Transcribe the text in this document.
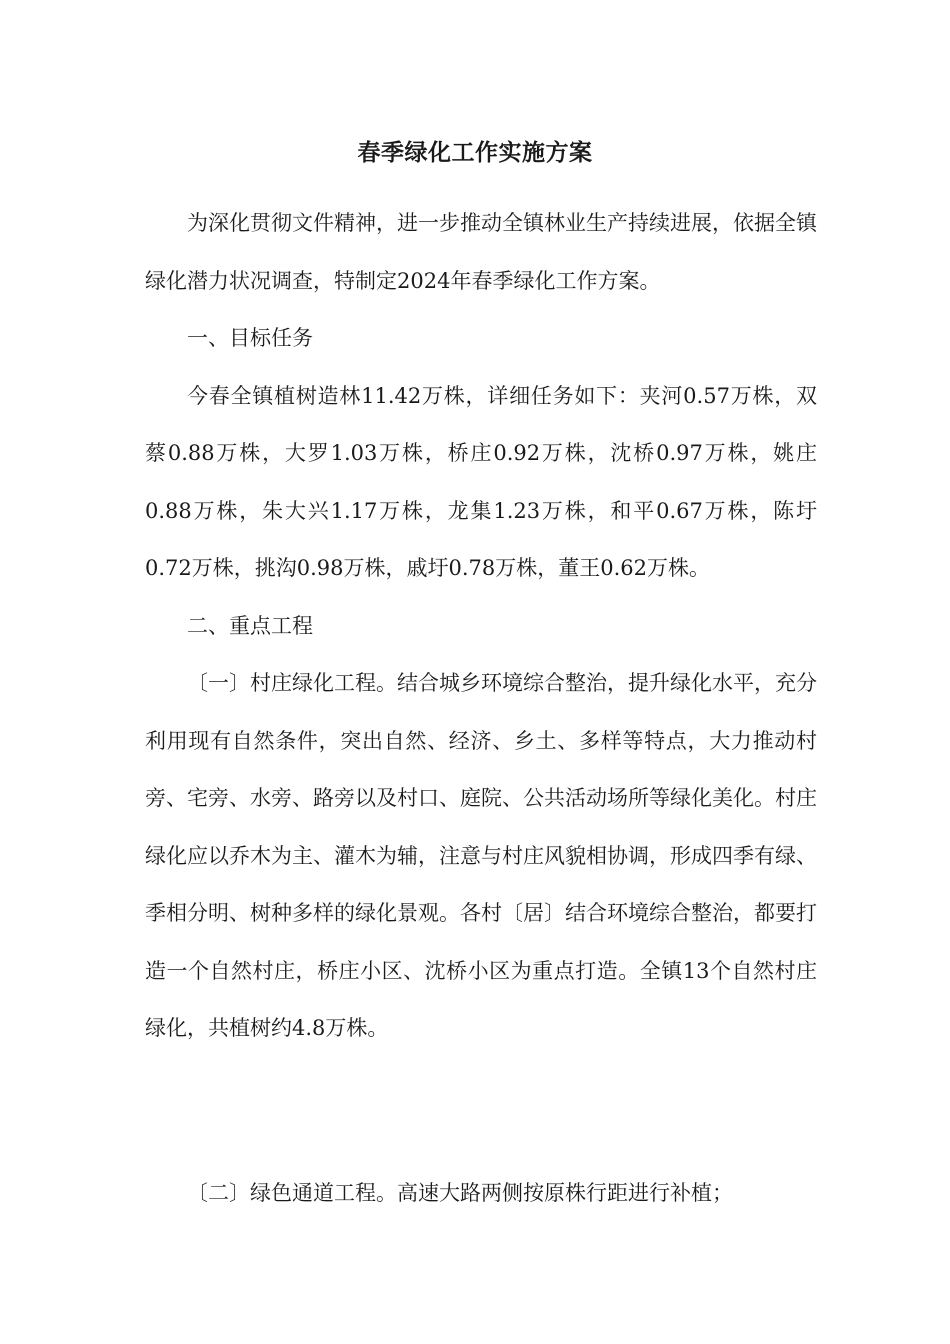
春季绿化工作实施方案

为深化贯彻文件精神，进一步推动全镇林业生产持续进展，依据全镇绿化潜力状况调查，特制定2024年春季绿化工作方案。

一、目标任务

今春全镇植树造林11.42万株，详细任务如下：夹河0.57万株，双蔡0.88万株，大罗1.03万株，桥庄0.92万株，沈桥0.97万株，姚庄0.88万株，朱大兴1.17万株，龙集1.23万株，和平0.67万株，陈圩0.72万株，挑沟0.98万株，戚圩0.78万株，董王0.62万株。

二、重点工程

〔一〕村庄绿化工程。结合城乡环境综合整治，提升绿化水平，充分利用现有自然条件，突出自然、经济、乡土、多样等特点，大力推动村旁、宅旁、水旁、路旁以及村口、庭院、公共活动场所等绿化美化。村庄绿化应以乔木为主、灌木为辅，注意与村庄风貌相协调，形成四季有绿、季相分明、树种多样的绿化景观。各村〔居〕结合环境综合整治，都要打造一个自然村庄，桥庄小区、沈桥小区为重点打造。全镇13个自然村庄绿化，共植树约4.8万株。

〔二〕绿色通道工程。高速大路两侧按原株行距进行补植；
